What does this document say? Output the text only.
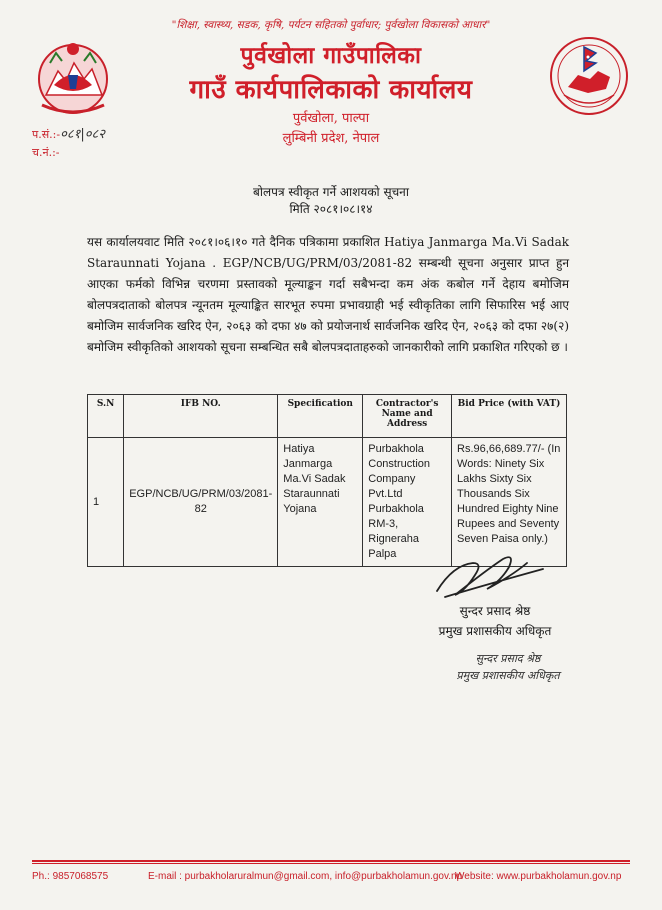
"शिक्षा, स्वास्थ्य, सडक, कृषि, पर्यटन सहितको पुर्वाधार; पुर्वखोला विकासको आधार"
पुर्वखोला गाउँपालिका
गाउँ कार्यपालिकाको कार्यालय
पुर्वखोला, पाल्पा
लुम्बिनी प्रदेश, नेपाल
प.सं.:-०८१|०८२
च.नं.:-
बोलपत्र स्वीकृत गर्ने आशयको सूचना
मिति २०८१।०८।१४
यस कार्यालयवाट मिति २०८१।०६।१० गते दैनिक पत्रिकामा प्रकाशित Hatiya Janmarga Ma.Vi Sadak Staraunnati Yojana . EGP/NCB/UG/PRM/03/2081-82 सम्बन्धी सूचना अनुसार प्राप्त हुन आएका फर्मको विभिन्न चरणमा प्रस्तावको मूल्याङ्कन गर्दा सबैभन्दा कम अंक कबोल गर्ने देहाय बमोजिम बोलपत्रदाताको बोलपत्र न्यूनतम मूल्याङ्कित सारभूत रुपमा प्रभावग्राही भई स्वीकृतिका लागि सिफारिस भई आए बमोजिम सार्वजनिक खरिद ऐन, २०६३ को दफा ४७ को प्रयोजनार्थ सार्वजनिक खरिद ऐन, २०६३ को दफा २७(२) बमोजिम स्वीकृतिको आशयको सूचना सम्बन्धित सबै बोलपत्रदाताहरुको जानकारीको लागि प्रकाशित गरिएको छ ।
S.N	IFB NO.	Specification	Contractor's Name and Address	Bid Price (with VAT)
1	EGP/NCB/UG/PRM/03/2081-82	Hatiya Janmarga Ma.Vi Sadak Staraunnati Yojana	Purbakhola Construction Company Pvt.Ltd Purbakhola RM-3, Rigneraha Palpa	Rs.96,66,689.77/- (In Words: Ninety Six Lakhs Sixty Six Thousands Six Hundred Eighty Nine Rupees and Seventy Seven Paisa only.)
सुन्दर प्रसाद श्रेष्ठ
प्रमुख प्रशासकीय अधिकृत
सुन्दर प्रसाद श्रेष्ठ
प्रमुख प्रशासकीय अधिकृत
Ph.: 9857068575	E-mail : purbakholaruralmun@gmail.com, info@purbakholamun.gov.np
Website: www.purbakholamun.gov.np
